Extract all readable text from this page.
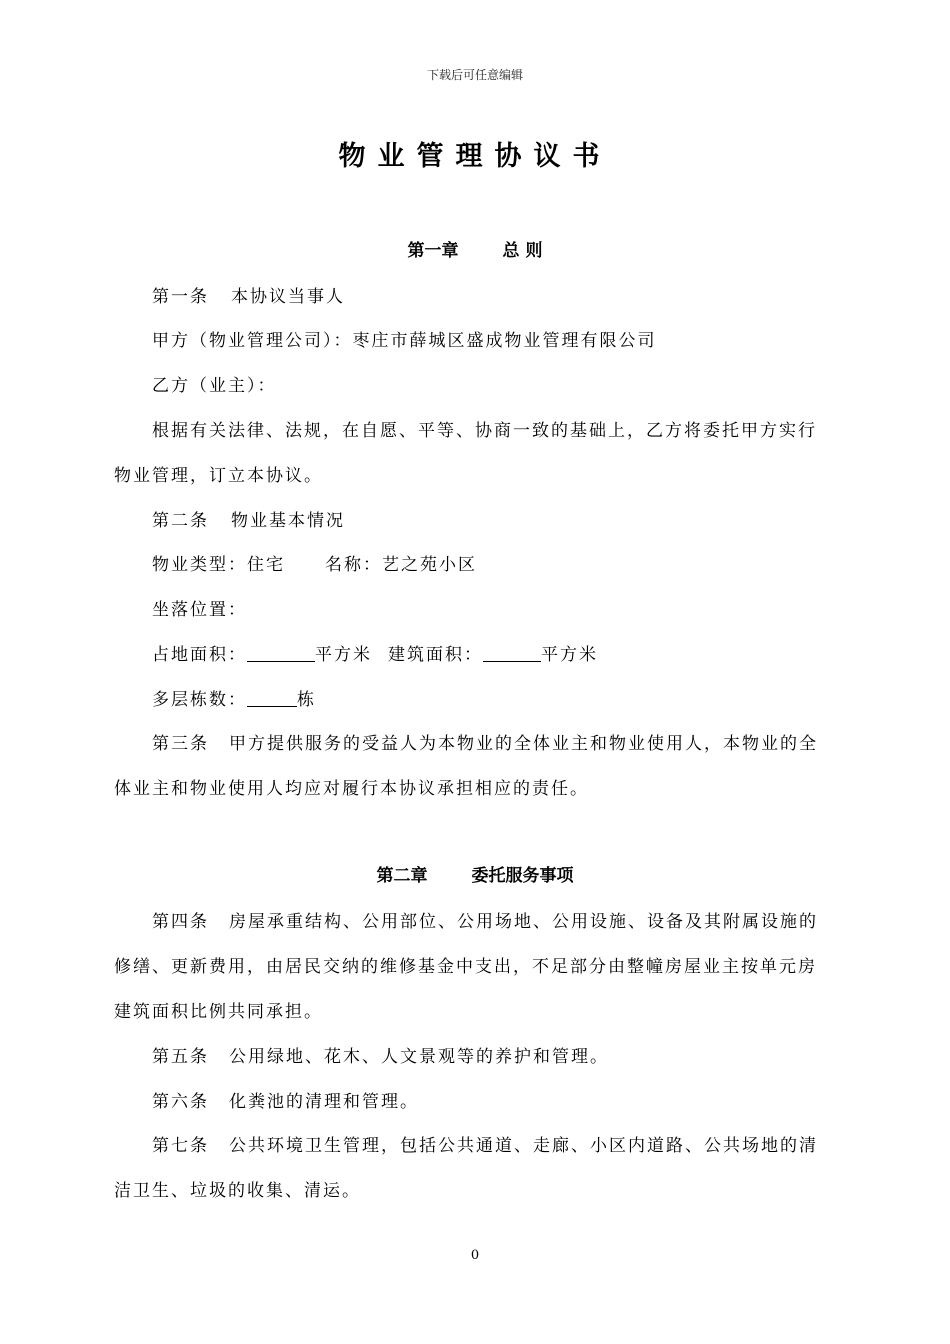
下载后可任意编辑
物业管理协议书
第一章	总 则
第一条 本协议当事人
甲方（物业管理公司）：枣庄市薛城区盛成物业管理有限公司
乙方（业主）：
根据有关法律、法规，在自愿、平等、协商一致的基础上，乙方将委托甲方实行
物业管理，订立本协议。
第二条 物业基本情况
物业类型：住宅 名称：艺之苑小区
坐落位置：
占地面积：	平方米 建筑面积：	平方米
多层栋数：	栋
第三条 甲方提供服务的受益人为本物业的全体业主和物业使用人，本物业的全
体业主和物业使用人均应对履行本协议承担相应的责任。
第二章	委托服务事项
第四条 房屋承重结构、公用部位、公用场地、公用设施、设备及其附属设施的
修缮、更新费用，由居民交纳的维修基金中支出，不足部分由整幢房屋业主按单元房
建筑面积比例共同承担。
第五条 公用绿地、花木、人文景观等的养护和管理。
第六条 化粪池的清理和管理。
第七条 公共环境卫生管理，包括公共通道、走廊、小区内道路、公共场地的清
洁卫生、垃圾的收集、清运。
0
